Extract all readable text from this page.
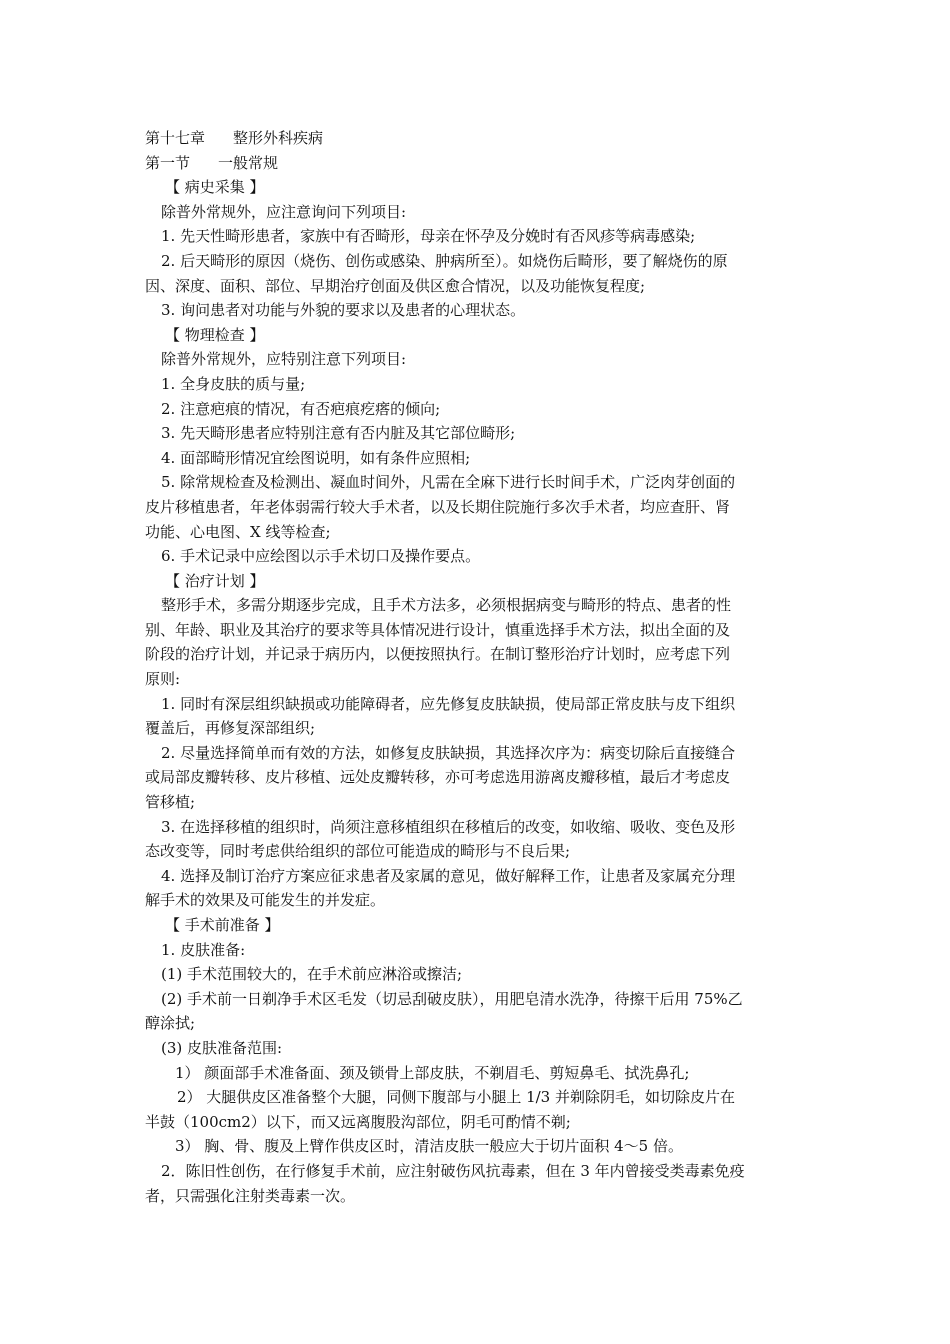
第十七章 整形外科疾病
第一节 一般常规
【 病史采集 】
除普外常规外，应注意询问下列项目:
1. 先天性畸形患者，家族中有否畸形，母亲在怀孕及分娩时有否风疹等病毒感染;
2. 后天畸形的原因（烧伤、创伤或感染、肿病所至）。如烧伤后畸形，要了解烧伤的原
因、深度、面积、部位、早期治疗创面及供区愈合情况，以及功能恢复程度;
3. 询问患者对功能与外貌的要求以及患者的心理状态。
【 物理检查 】
除普外常规外，应特别注意下列项目:
1. 全身皮肤的质与量;
2. 注意疤痕的情况，有否疤痕疙瘩的倾向;
3. 先天畸形患者应特别注意有否内脏及其它部位畸形;
4. 面部畸形情况宜绘图说明，如有条件应照相;
5. 除常规检查及检测出、凝血时间外，凡需在全麻下进行长时间手术，广泛肉芽创面的
皮片移植患者，年老体弱需行较大手术者，以及长期住院施行多次手术者，均应查肝、肾
功能、心电图、X 线等检查;
6. 手术记录中应绘图以示手术切口及操作要点。
【 治疗计划 】
整形手术，多需分期逐步完成，且手术方法多，必须根据病变与畸形的特点、患者的性
别、年龄、职业及其治疗的要求等具体情况进行设计，慎重选择手术方法，拟出全面的及
阶段的治疗计划，并记录于病历内，以便按照执行。在制订整形治疗计划时，应考虑下列
原则:
1. 同时有深层组织缺损或功能障碍者，应先修复皮肤缺损，使局部正常皮肤与皮下组织
覆盖后，再修复深部组织;
2. 尽量选择简单而有效的方法，如修复皮肤缺损，其选择次序为：病变切除后直接缝合
或局部皮瓣转移、皮片移植、远处皮瓣转移，亦可考虑选用游离皮瓣移植，最后才考虑皮
管移植;
3. 在选择移植的组织时，尚须注意移植组织在移植后的改变，如收缩、吸收、变色及形
态改变等，同时考虑供给组织的部位可能造成的畸形与不良后果;
4. 选择及制订治疗方案应征求患者及家属的意见，做好解释工作，让患者及家属充分理
解手术的效果及可能发生的并发症。
【 手术前准备 】
1. 皮肤准备:
(1) 手术范围较大的，在手术前应淋浴或擦洁;
(2) 手术前一日剃净手术区毛发（切忌刮破皮肤），用肥皂清水洗净，待擦干后用 75%乙
醇涂拭;
(3) 皮肤准备范围:
1） 颜面部手术准备面、颈及锁骨上部皮肤，不剃眉毛、剪短鼻毛、拭洗鼻孔;
2） 大腿供皮区准备整个大腿，同侧下腹部与小腿上 1/3 并剃除阴毛，如切除皮片在
半鼓（100cm2）以下，而又远离腹股沟部位，阴毛可酌情不剃;
3） 胸、骨、腹及上臂作供皮区时，清洁皮肤一般应大于切片面积 4～5 倍。
2．陈旧性创伤，在行修复手术前，应注射破伤风抗毒素，但在 3 年内曾接受类毒素免疫
者，只需强化注射类毒素一次。
